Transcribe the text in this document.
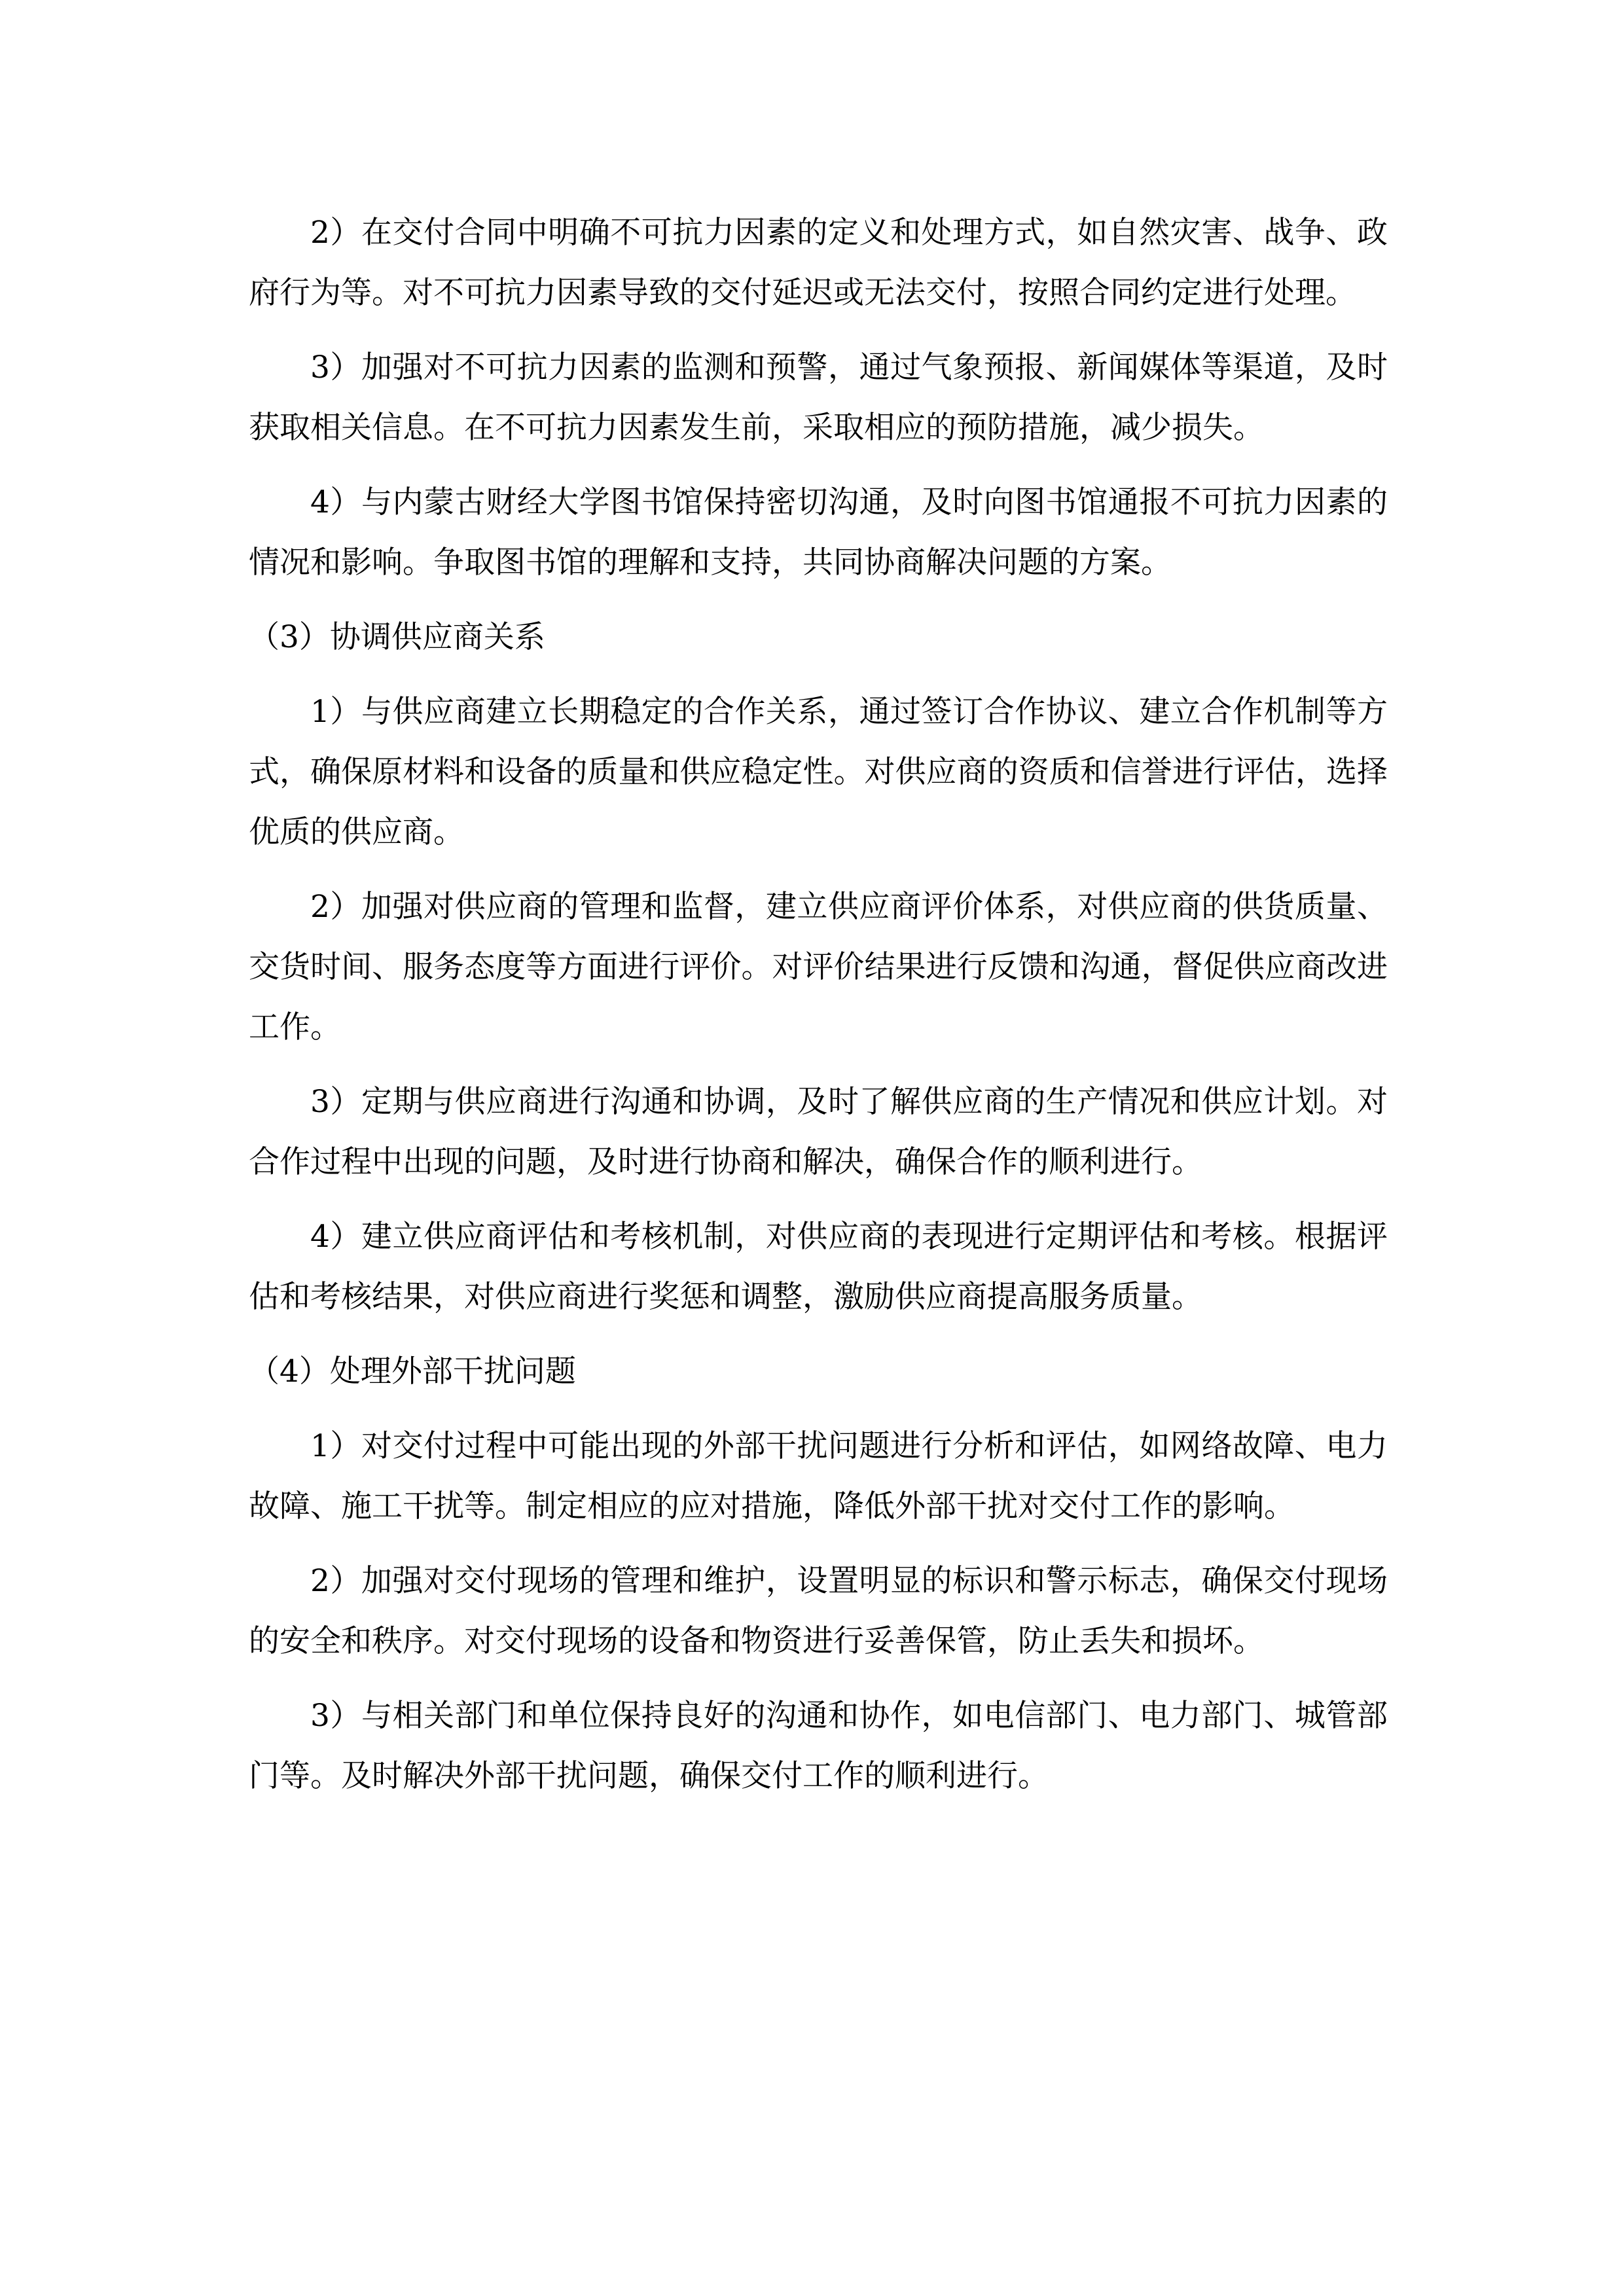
2）在交付合同中明确不可抗力因素的定义和处理方式，如自然灾害、战争、政府行为等。对不可抗力因素导致的交付延迟或无法交付，按照合同约定进行处理。

3）加强对不可抗力因素的监测和预警，通过气象预报、新闻媒体等渠道，及时获取相关信息。在不可抗力因素发生前，采取相应的预防措施，减少损失。

4）与内蒙古财经大学图书馆保持密切沟通，及时向图书馆通报不可抗力因素的情况和影响。争取图书馆的理解和支持，共同协商解决问题的方案。

（3）协调供应商关系

1）与供应商建立长期稳定的合作关系，通过签订合作协议、建立合作机制等方式，确保原材料和设备的质量和供应稳定性。对供应商的资质和信誉进行评估，选择优质的供应商。

2）加强对供应商的管理和监督，建立供应商评价体系，对供应商的供货质量、交货时间、服务态度等方面进行评价。对评价结果进行反馈和沟通，督促供应商改进工作。

3）定期与供应商进行沟通和协调，及时了解供应商的生产情况和供应计划。对合作过程中出现的问题，及时进行协商和解决，确保合作的顺利进行。

4）建立供应商评估和考核机制，对供应商的表现进行定期评估和考核。根据评估和考核结果，对供应商进行奖惩和调整，激励供应商提高服务质量。

（4）处理外部干扰问题

1）对交付过程中可能出现的外部干扰问题进行分析和评估，如网络故障、电力故障、施工干扰等。制定相应的应对措施，降低外部干扰对交付工作的影响。

2）加强对交付现场的管理和维护，设置明显的标识和警示标志，确保交付现场的安全和秩序。对交付现场的设备和物资进行妥善保管，防止丢失和损坏。

3）与相关部门和单位保持良好的沟通和协作，如电信部门、电力部门、城管部门等。及时解决外部干扰问题，确保交付工作的顺利进行。
